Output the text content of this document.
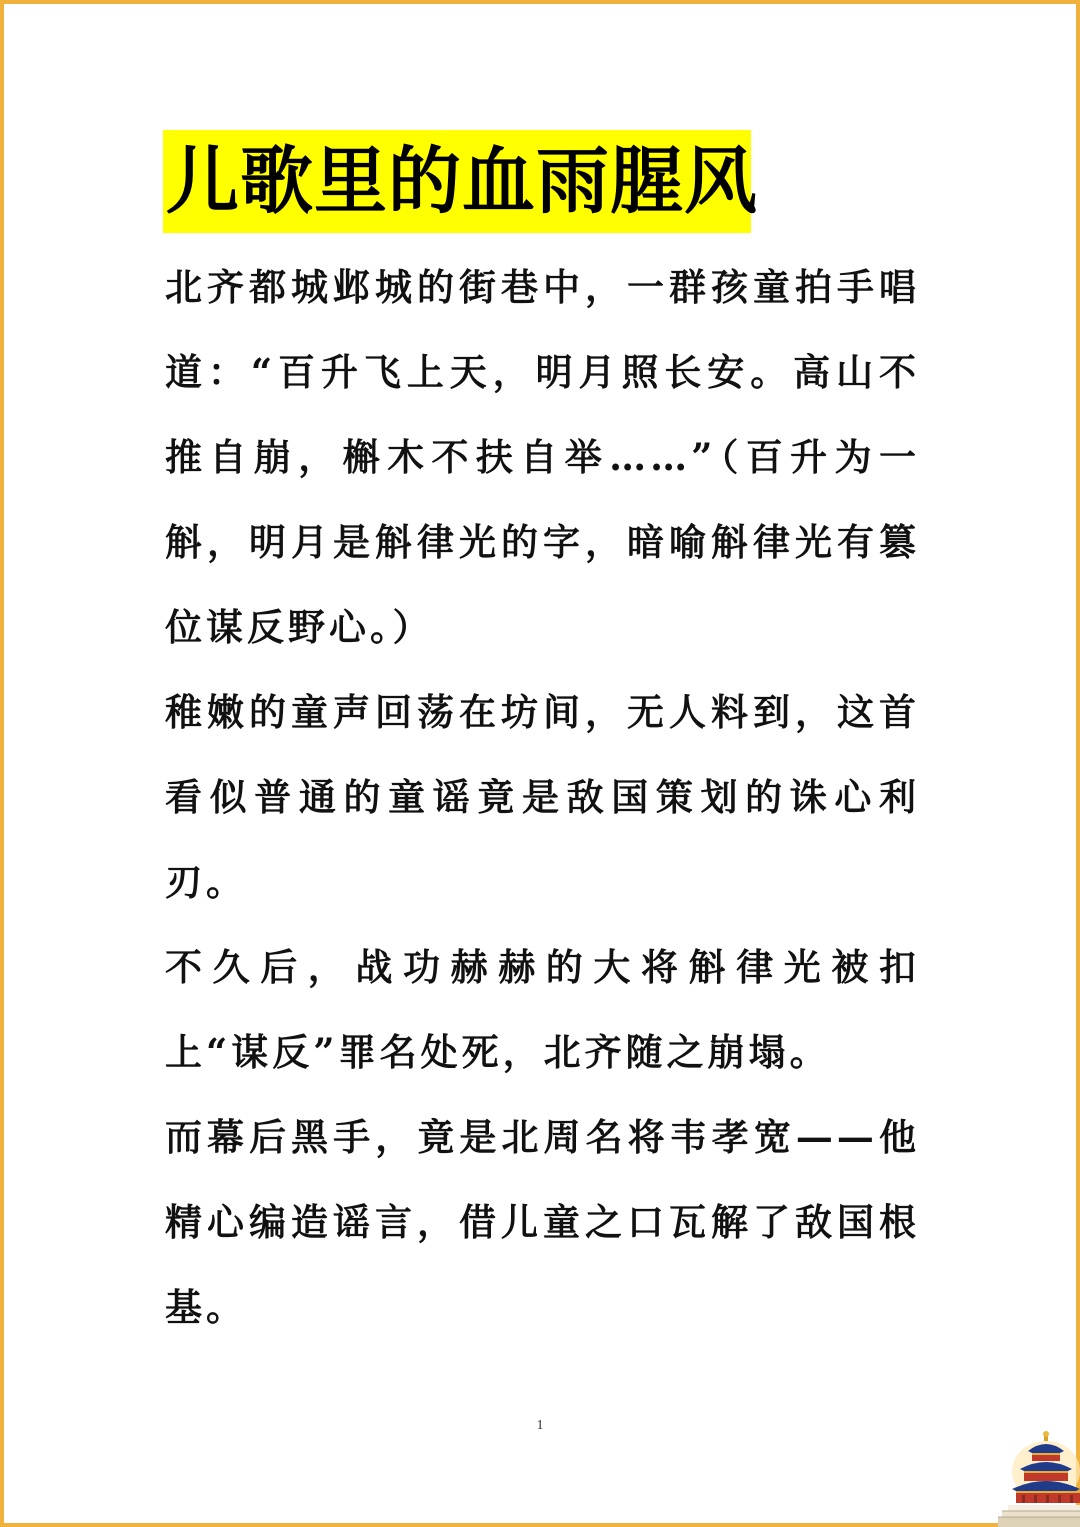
儿歌里的血雨腥风

北齐都城邺城的街巷中，一群孩童拍手唱道：“百升飞上天，明月照长安。高山不推自崩，槲木不扶自举……”（百升为一斛，明月是斛律光的字，暗喻斛律光有篡位谋反野心。）

稚嫩的童声回荡在坊间，无人料到，这首看似普通的童谣竟是敌国策划的诛心利刃。

不久后，战功赫赫的大将斛律光被扣上“谋反”罪名处死，北齐随之崩塌。

而幕后黑手，竟是北周名将韦孝宽——他精心编造谣言，借儿童之口瓦解了敌国根基。

1
